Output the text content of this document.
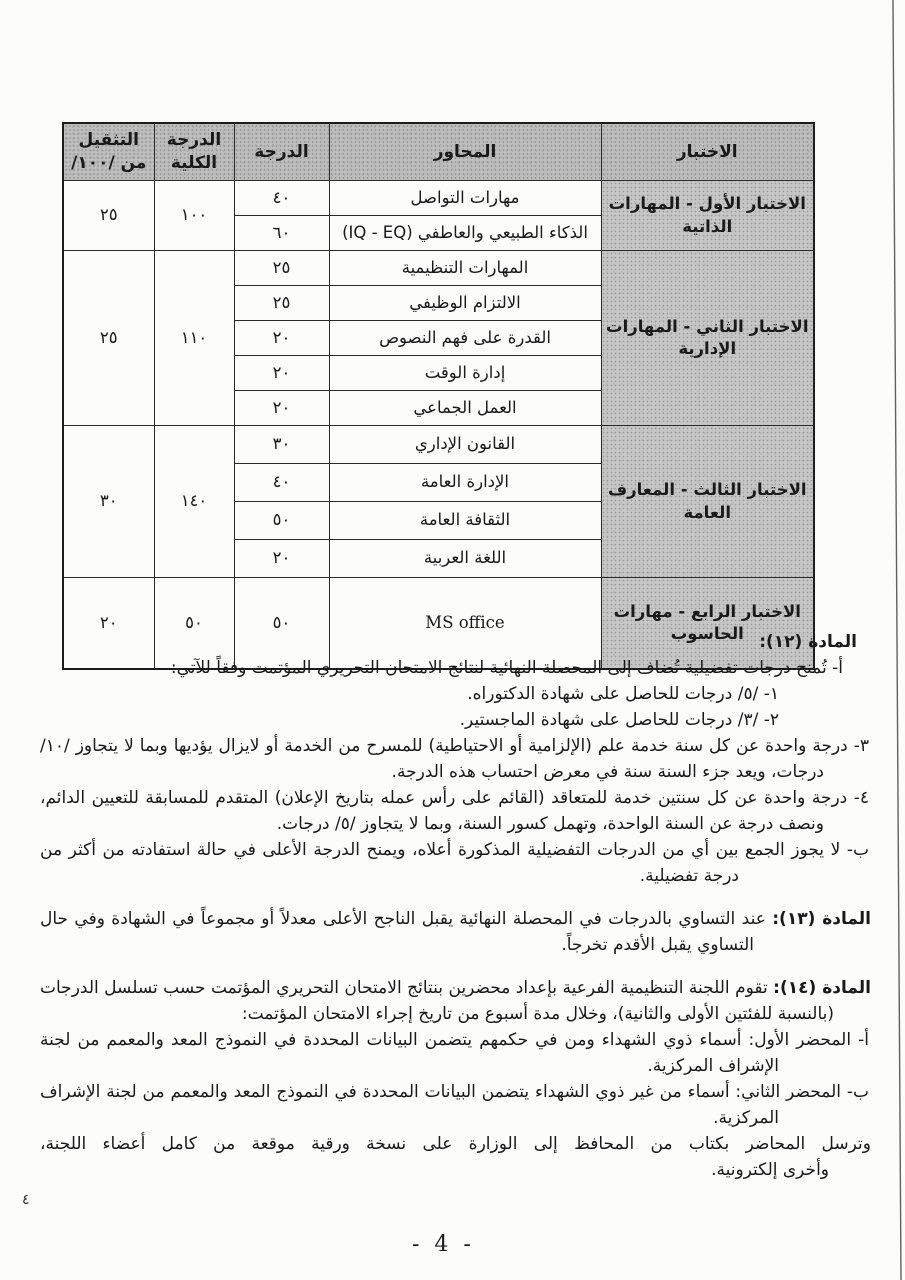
الاختبار	المحاور	الدرجة	الدرجة الكلية	التثقيل من /١٠٠/
الاختبار الأول - المهارات الذاتية	مهارات التواصل	٤٠	١٠٠	٢٥
	الذكاء الطبيعي والعاطفي (IQ - EQ)	٦٠		
الاختبار الثاني - المهارات الإدارية	المهارات التنظيمية	٢٥	١١٠	٢٥
	الالتزام الوظيفي	٢٥		
	القدرة على فهم النصوص	٢٠		
	إدارة الوقت	٢٠		
	العمل الجماعي	٢٠		
الاختبار الثالث - المعارف العامة	القانون الإداري	٣٠	١٤٠	٣٠
	الإدارة العامة	٤٠		
	الثقافة العامة	٥٠		
	اللغة العربية	٢٠		
الاختبار الرابع - مهارات الحاسوب	MS office	٥٠	٥٠	٢٠
المادة (١٢):
أ- تُمنح درجات تفضيلية تُضاف إلى المحصلة النهائية لنتائج الامتحان التحريري المؤتمت وفقاً للآتي:
١- /٥/ درجات للحاصل على شهادة الدكتوراه.
٢- /٣/ درجات للحاصل على شهادة الماجستير.
٣- درجة واحدة عن كل سنة خدمة علم (الإلزامية أو الاحتياطية) للمسرح من الخدمة أو لايزال يؤديها وبما لا يتجاوز /١٠/ درجات، ويعد جزء السنة سنة في معرض احتساب هذه الدرجة.
٤- درجة واحدة عن كل سنتين خدمة للمتعاقد (القائم على رأس عمله بتاريخ الإعلان) المتقدم للمسابقة للتعيين الدائم، ونصف درجة عن السنة الواحدة، وتهمل كسور السنة، وبما لا يتجاوز /٥/ درجات.
ب- لا يجوز الجمع بين أي من الدرجات التفضيلية المذكورة أعلاه، ويمنح الدرجة الأعلى في حالة استفادته من أكثر من درجة تفضيلية.
المادة (١٣): عند التساوي بالدرجات في المحصلة النهائية يقبل الناجح الأعلى معدلاً أو مجموعاً في الشهادة وفي حال التساوي يقبل الأقدم تخرجاً.
المادة (١٤): تقوم اللجنة التنظيمية الفرعية بإعداد محضرين بنتائج الامتحان التحريري المؤتمت حسب تسلسل الدرجات (بالنسبة للفئتين الأولى والثانية)، وخلال مدة أسبوع من تاريخ إجراء الامتحان المؤتمت:
أ- المحضر الأول: أسماء ذوي الشهداء ومن في حكمهم يتضمن البيانات المحددة في النموذج المعد والمعمم من لجنة الإشراف المركزية.
ب- المحضر الثاني: أسماء من غير ذوي الشهداء يتضمن البيانات المحددة في النموذج المعد والمعمم من لجنة الإشراف المركزية.
وترسل المحاضر بكتاب من المحافظ إلى الوزارة على نسخة ورقية موقعة من كامل أعضاء اللجنة،
وأخرى إلكترونية.
٤
- 4 -
